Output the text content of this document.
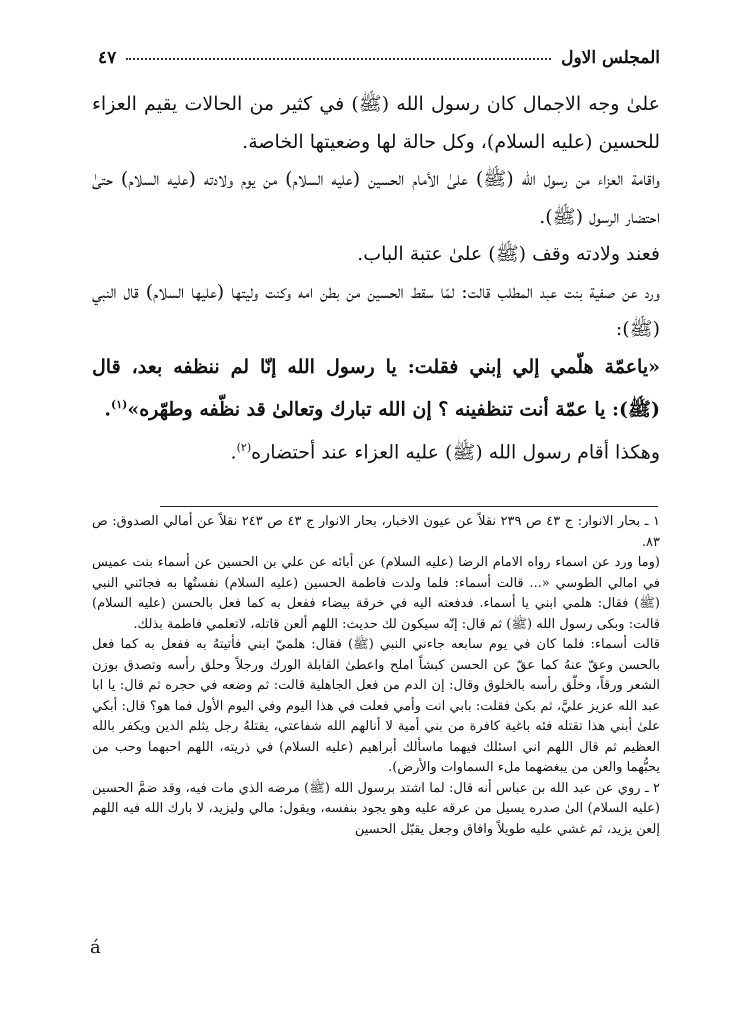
المجلس الاول
٤٧

علىٰ وجه الاجمال كان رسول الله (ﷺ) في كثير من الحالات يقيم العزاء للحسين (عليه السلام)، وكل حالة لها وضعيتها الخاصة.

واقامة العزاء من رسول الله (ﷺ) علىٰ الأمام الحسين (عليه السلام) من يوم ولادته (عليه السلام) حتىٰ احتضار الرسول (ﷺ).

فعند ولادته وقف (ﷺ) علىٰ عتبة الباب.

ورد عن صفية بنت عبد المطلب قالت: لمّا سقط الحسين من بطن امه وكنت وليتها (عليها السلام) قال النبي (ﷺ):

«ياعمّة هلّمي إلي إبني فقلت: يا رسول الله إنّا لم ننظفه بعد، قال (ﷺ): يا عمّة أنت تنظفينه ؟ إن الله تبارك وتعالىٰ قد نظّفه وطهّره»$^{(١)}$.

وهكذا أقام رسول الله (ﷺ) عليه العزاء عند أحتضاره$^{(٢)}$.

١ ـ بحار الانوار: ج ٤٣ ص ٢٣٩ نقلاً عن عيون الاخبار، بحار الانوار ج ٤٣ ص ٢٤٣ نقلاً عن أمالي الصدوق: ص ٨٣.

(وما ورد عن اسماء رواه الامام الرضا (عليه السلام) عن أبائه عن علي بن الحسين عن أسماء بنت عميس في امالي الطوسي «... قالت أسماء: فلما ولدت فاطمة الحسين (عليه السلام) نفستُها به فجائني النبي (ﷺ) فقال: هلمي ابني يا أسماء. فدفعته اليه في خرقة بيضاء ففعل به كما فعل بالحسن (عليه السلام) قالت: وبكى رسول الله (ﷺ) ثم قال: إنّه سيكون لك حديث: اللهم ألعن قاتله، لاتعلمي فاطمة بذلك.

قالت أسماء: فلما كان في يوم سابعه جاءني النبي (ﷺ) فقال: هلميّ ابني فأتيتهُ به ففعل به كما فعل بالحسن وعقّ عنهُ كما عقّ عن الحسن كبشاً املح واعطىٰ القابلة الورك ورجلاً وحلق رأسه وتصدق بوزن الشعر ورقاً، وخلّق رأسه بالخلوق وقال: إن الدم من فعل الجاهلية قالت: ثم وضعه في حجره ثم قال: يا ابا عبد الله عزيز عليَّ، ثم بكىٰ فقلت: بابي انت وأمي فعلت في هذا اليوم وفي اليوم الأول فما هو؟ قال: أبكي علىٰ أبني هذا تقتله فئه باغية كافرة من بني أمية لا أنالهم الله شفاعتي، يقتلهُ رجل يثلم الدين ويكفر بالله العظيم ثم قال اللهم اني اسئلك فيهما ماسألك أبراهيم (عليه السلام) في ذريته، اللهم احبهما وحب من يحبُّهما والعن من يبغضهما ملء السماوات والأرض).

٢ ـ روي عن عبد الله بن عباس أنه قال: لما اشتد برسول الله (ﷺ) مرضه الذي مات فيه، وقد ضمَّ الحسين (عليه السلام) الىٰ صدره يسيل من عرقه عليه وهو يجود بنفسه، ويقول: مالي وليزيد، لا بارك الله فيه اللهم إلعن يزيد، ثم غشي عليه طويلاً وافاق وجعل يقبّل الحسين

á
